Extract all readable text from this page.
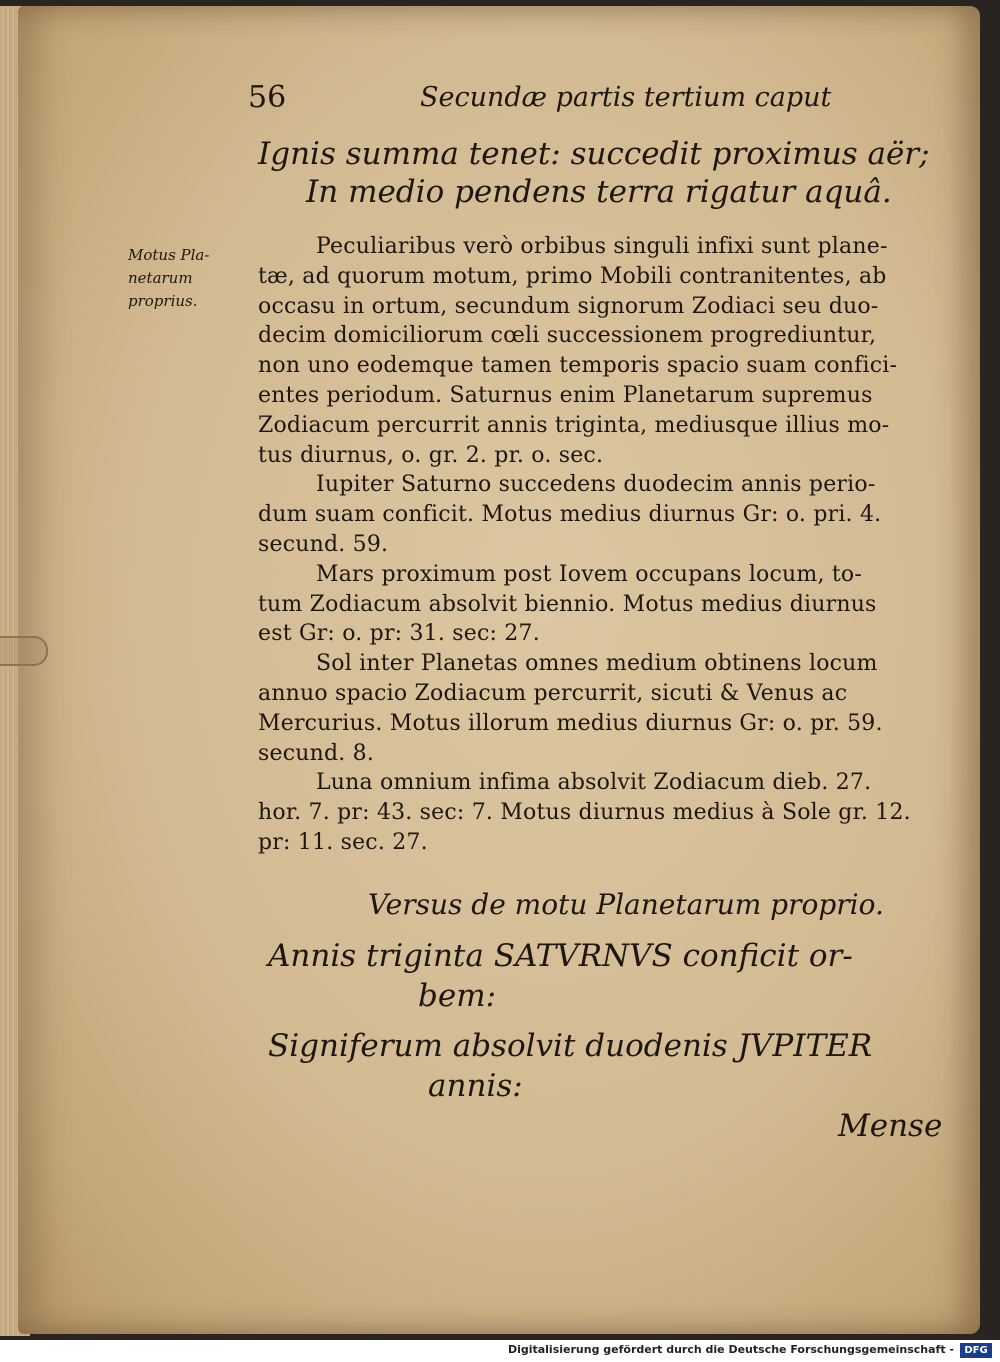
56	Secundæ partis tertium caput
Ignis summa tenet: succedit proximus aër;
In medio pendens terra rigatur aquâ.
Motus Pla-
netarum
proprius.
Peculiaribus verò orbibus singuli infixi sunt plane-
tæ, ad quorum motum, primo Mobili contranitentes, ab
occasu in ortum, secundum signorum Zodiaci seu duo-
decim domiciliorum cœli successionem progrediuntur,
non uno eodemque tamen temporis spacio suam confici-
entes periodum. Saturnus enim Planetarum supremus
Zodiacum percurrit annis triginta, mediusque illius mo-
tus diurnus, o. gr. 2. pr. o. sec.
Iupiter Saturno succedens duodecim annis perio-
dum suam conficit. Motus medius diurnus Gr: o. pri. 4.
secund. 59.
Mars proximum post Iovem occupans locum, to-
tum Zodiacum absolvit biennio. Motus medius diurnus
est Gr: o. pr: 31. sec: 27.
Sol inter Planetas omnes medium obtinens locum
annuo spacio Zodiacum percurrit, sicuti & Venus ac
Mercurius. Motus illorum medius diurnus Gr: o. pr. 59.
secund. 8.
Luna omnium infima absolvit Zodiacum dieb. 27.
hor. 7. pr: 43. sec: 7. Motus diurnus medius à Sole gr. 12.
pr: 11. sec. 27.
Versus de motu Planetarum proprio.
Annis triginta SATVRNVS conficit or-
bem:
Signiferum absolvit duodenis JVPITER
annis:
Mense
Digitalisierung gefördert durch die Deutsche Forschungsgemeinschaft -	DFG
